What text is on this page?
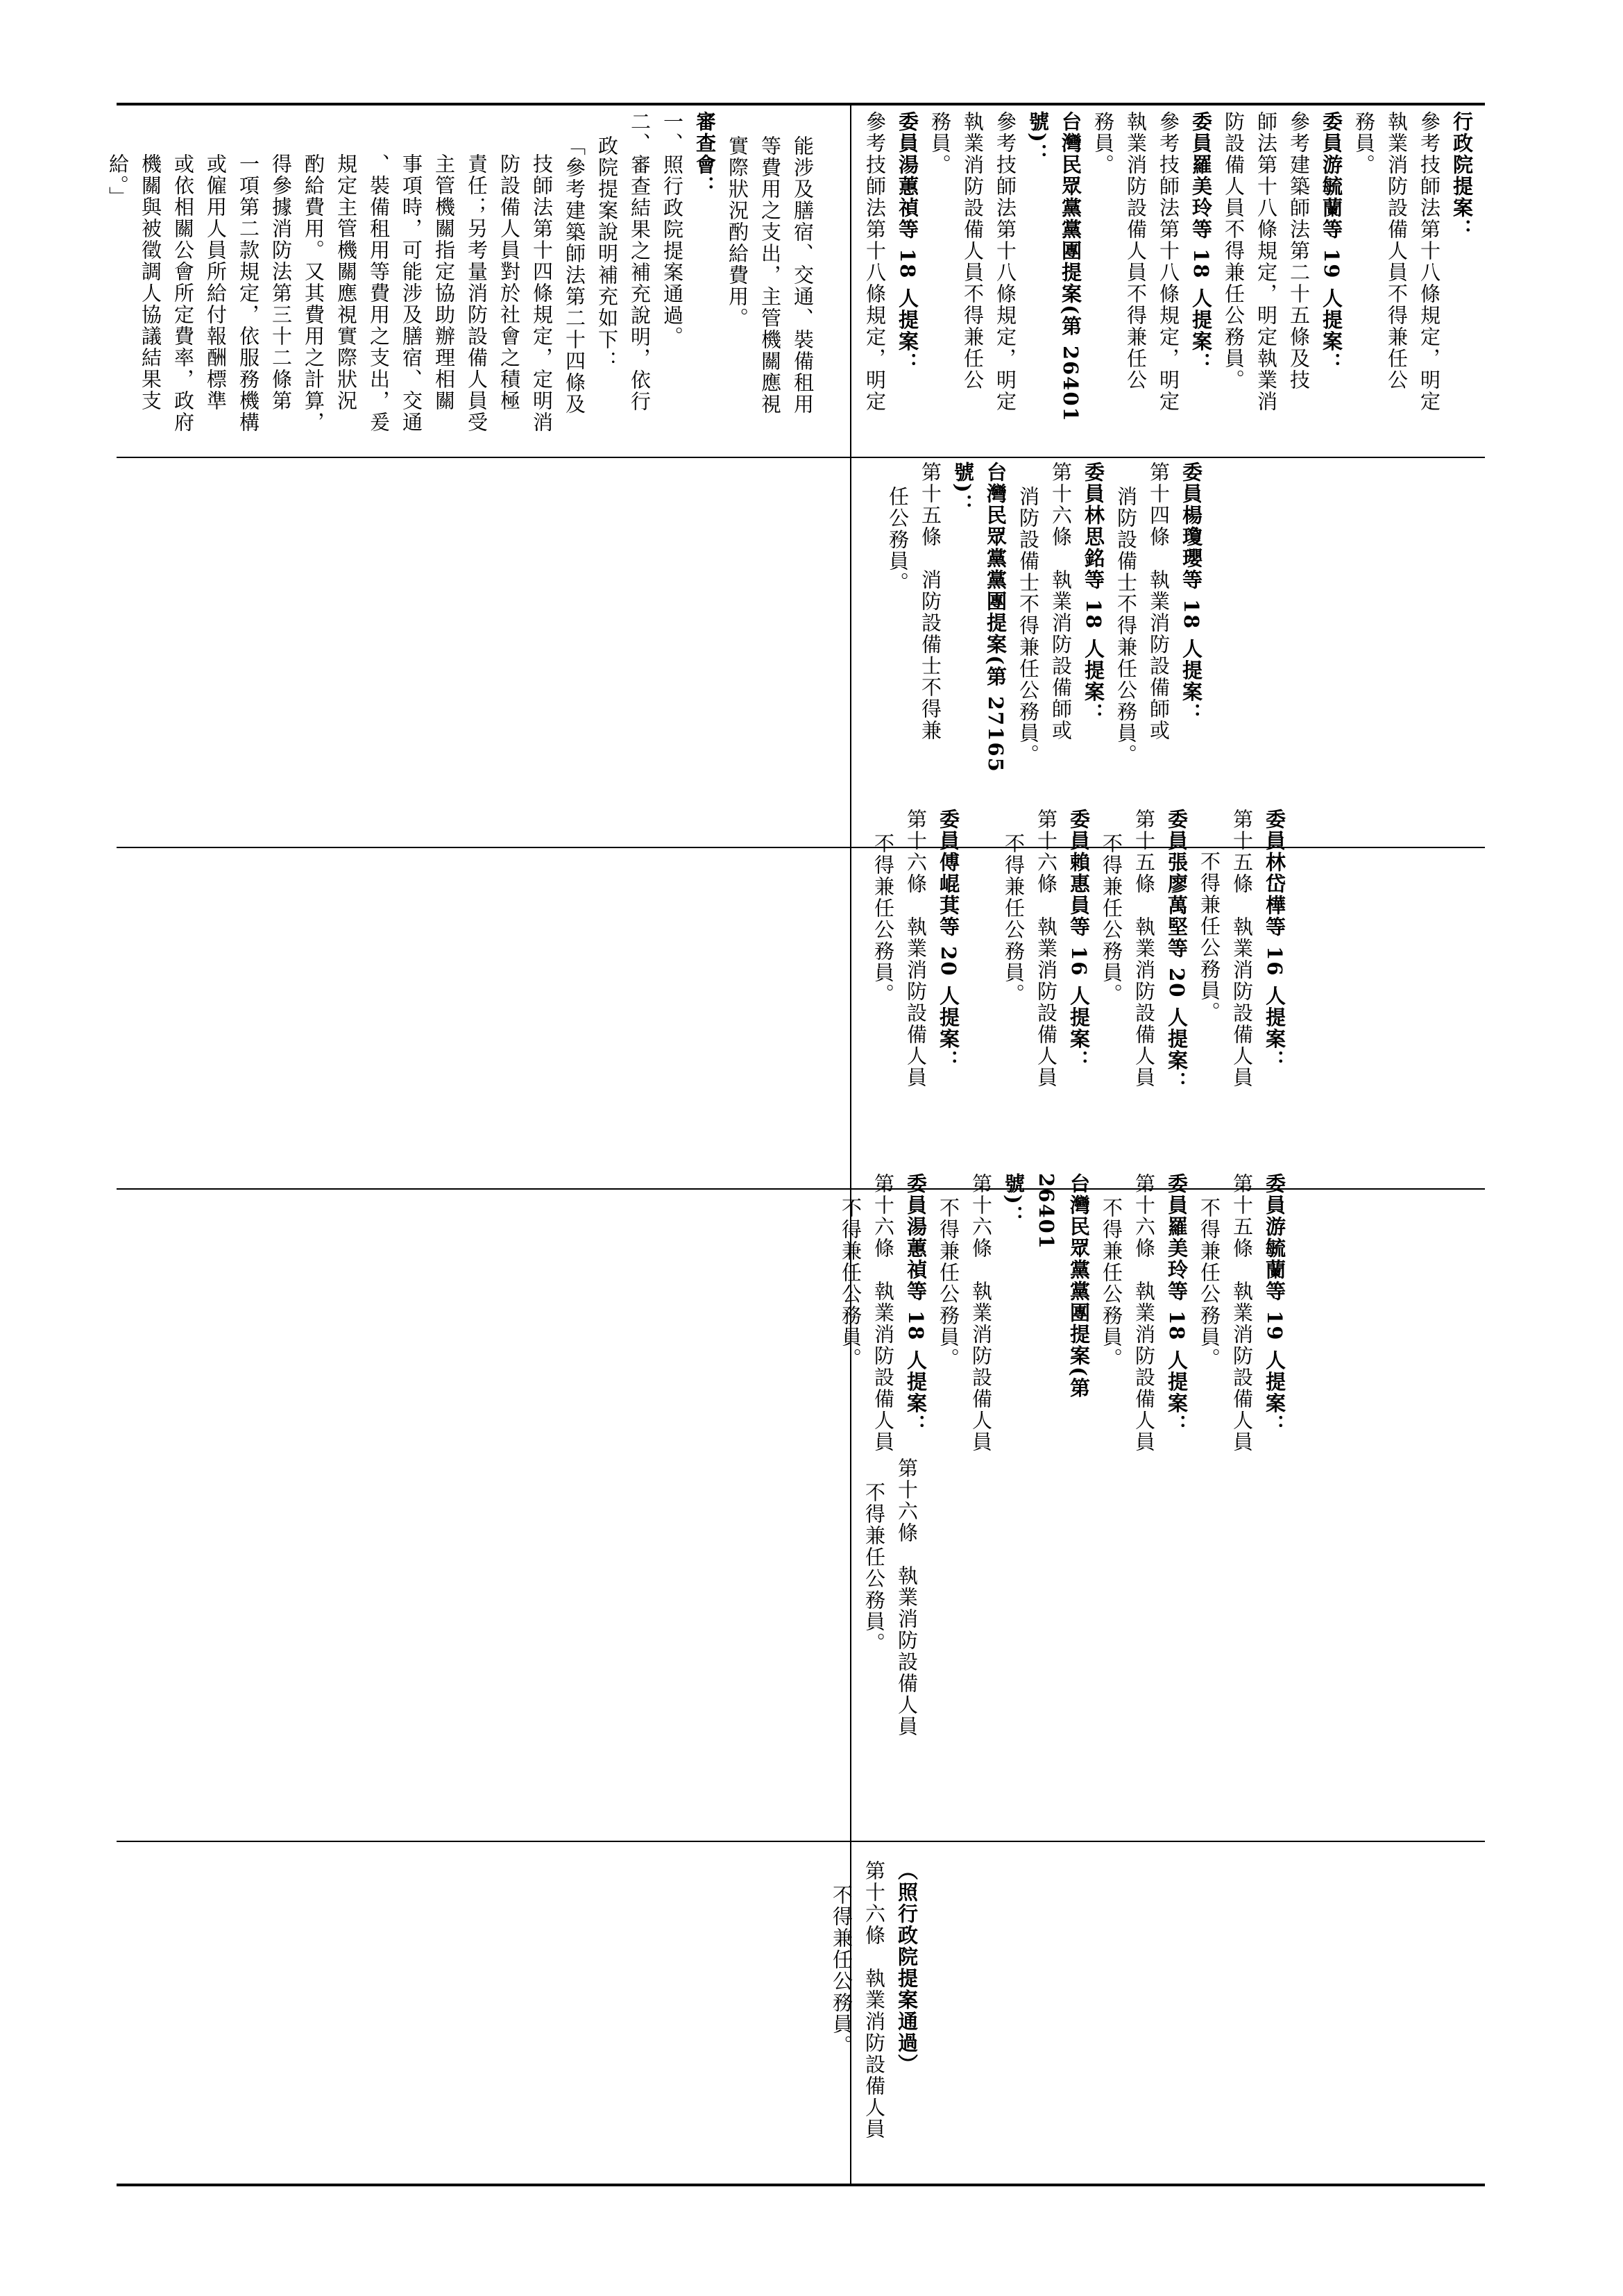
（照行政院提案通過）

第十六條　執業消防設備人員

不得兼任公務員。

第十六條　執業消防設備人員

不得兼任公務員。

委員游毓蘭等 19 人提案：

第十五條　執業消防設備人員

不得兼任公務員。

委員羅美玲等 18 人提案：

第十六條　執業消防設備人員

不得兼任公務員。

台灣民眾黨黨團提案(第 26401

號)：

第十六條　執業消防設備人員

不得兼任公務員。

委員湯蕙禎等 18 人提案：

第十六條　執業消防設備人員

不得兼任公務員。

委員林岱樺等 16 人提案：

第十五條　執業消防設備人員

不得兼任公務員。

委員張廖萬堅等 20 人提案：

第十五條　執業消防設備人員

不得兼任公務員。

委員賴惠員等 16 人提案：

第十六條　執業消防設備人員

不得兼任公務員。

委員傅崐萁等 20 人提案：

第十六條　執業消防設備人員

不得兼任公務員。

委員楊瓊瓔等 18 人提案：

第十四條　執業消防設備師或

消防設備士不得兼任公務員。

委員林思銘等 18 人提案：

第十六條　執業消防設備師或

消防設備士不得兼任公務員。

台灣民眾黨黨團提案(第 27165

號)：

第十五條　消防設備士不得兼

任公務員。

行政院提案：

參考技師法第十八條規定，明定

執業消防設備人員不得兼任公

務員。

委員游毓蘭等 19 人提案：

參考建築師法第二十五條及技

師法第十八條規定，明定執業消

防設備人員不得兼任公務員。

委員羅美玲等 18 人提案：

參考技師法第十八條規定，明定

執業消防設備人員不得兼任公

務員。

台灣民眾黨黨團提案(第 26401

號)：

參考技師法第十八條規定，明定

執業消防設備人員不得兼任公

務員。

委員湯蕙禎等 18 人提案：

參考技師法第十八條規定，明定

能涉及膳宿、交通、裝備租用

等費用之支出，主管機關應視

實際狀況酌給費用。

審查會：

一、照行政院提案通過。

二、審查結果之補充說明，依行

政院提案說明補充如下：

「參考建築師法第二十四條及

技師法第十四條規定，定明消

防設備人員對於社會之積極

責任；另考量消防設備人員受

主管機關指定協助辦理相關

事項時，可能涉及膳宿、交通

、裝備租用等費用之支出，爰

規定主管機關應視實際狀況

酌給費用。又其費用之計算，

得參據消防法第三十二條第

一項第二款規定，依服務機構

或僱用人員所給付報酬標準

或依相關公會所定費率，政府

機關與被徵調人協議結果支

給。」
